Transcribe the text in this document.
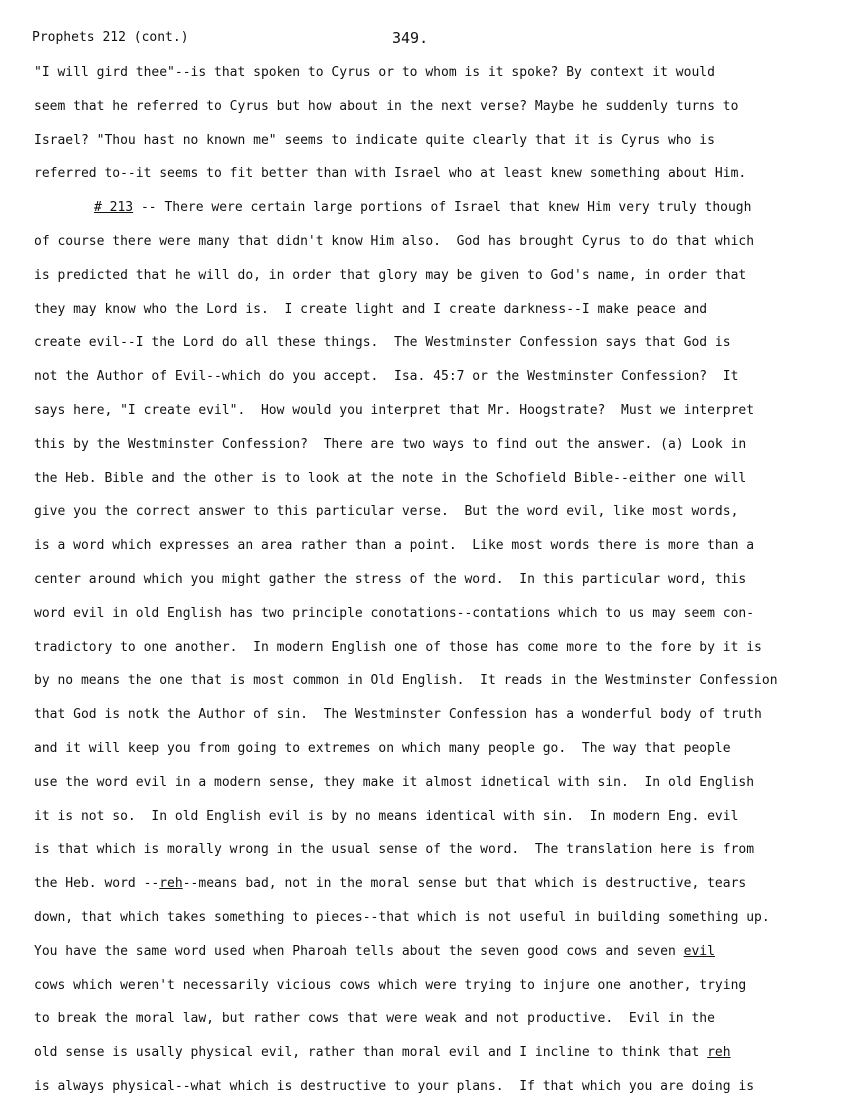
Prophets 212 (cont.)	349.
"I will gird thee"--is that spoken to Cyrus or to whom is it spoke? By context it would
seem that he referred to Cyrus but how about in the next verse? Maybe he suddenly turns to
Israel? "Thou hast no known me" seems to indicate quite clearly that it is Cyrus who is
referred to--it seems to fit better than with Israel who at least knew something about Him.
# 213 -- There were certain large portions of Israel that knew Him very truly though
of course there were many that didn't know Him also.  God has brought Cyrus to do that which
is predicted that he will do, in order that glory may be given to God's name, in order that
they may know who the Lord is.  I create light and I create darkness--I make peace and
create evil--I the Lord do all these things.  The Westminster Confession says that God is
not the Author of Evil--which do you accept.  Isa. 45:7 or the Westminster Confession?  It
says here, "I create evil".  How would you interpret that Mr. Hoogstrate?  Must we interpret
this by the Westminster Confession?  There are two ways to find out the answer. (a) Look in
the Heb. Bible and the other is to look at the note in the Schofield Bible--either one will
give you the correct answer to this particular verse.  But the word evil, like most words,
is a word which expresses an area rather than a point.  Like most words there is more than a
center around which you might gather the stress of the word.  In this particular word, this
word evil in old English has two principle conotations--contations which to us may seem con-
tradictory to one another.  In modern English one of those has come more to the fore by it is
by no means the one that is most common in Old English.  It reads in the Westminster Confession
that God is notk the Author of sin.  The Westminster Confession has a wonderful body of truth
and it will keep you from going to extremes on which many people go.  The way that people
use the word evil in a modern sense, they make it almost idnetical with sin.  In old English
it is not so.  In old English evil is by no means identical with sin.  In modern Eng. evil
is that which is morally wrong in the usual sense of the word.  The translation here is from
the Heb. word --reh--means bad, not in the moral sense but that which is destructive, tears
down, that which takes something to pieces--that which is not useful in building something up.
You have the same word used when Pharoah tells about the seven good cows and seven evil
cows which weren't necessarily vicious cows which were trying to injure one another, trying
to break the moral law, but rather cows that were weak and not productive.  Evil in the
old sense is usally physical evil, rather than moral evil and I incline to think that reh
is always physical--what which is destructive to your plans.  If that which you are doing is
